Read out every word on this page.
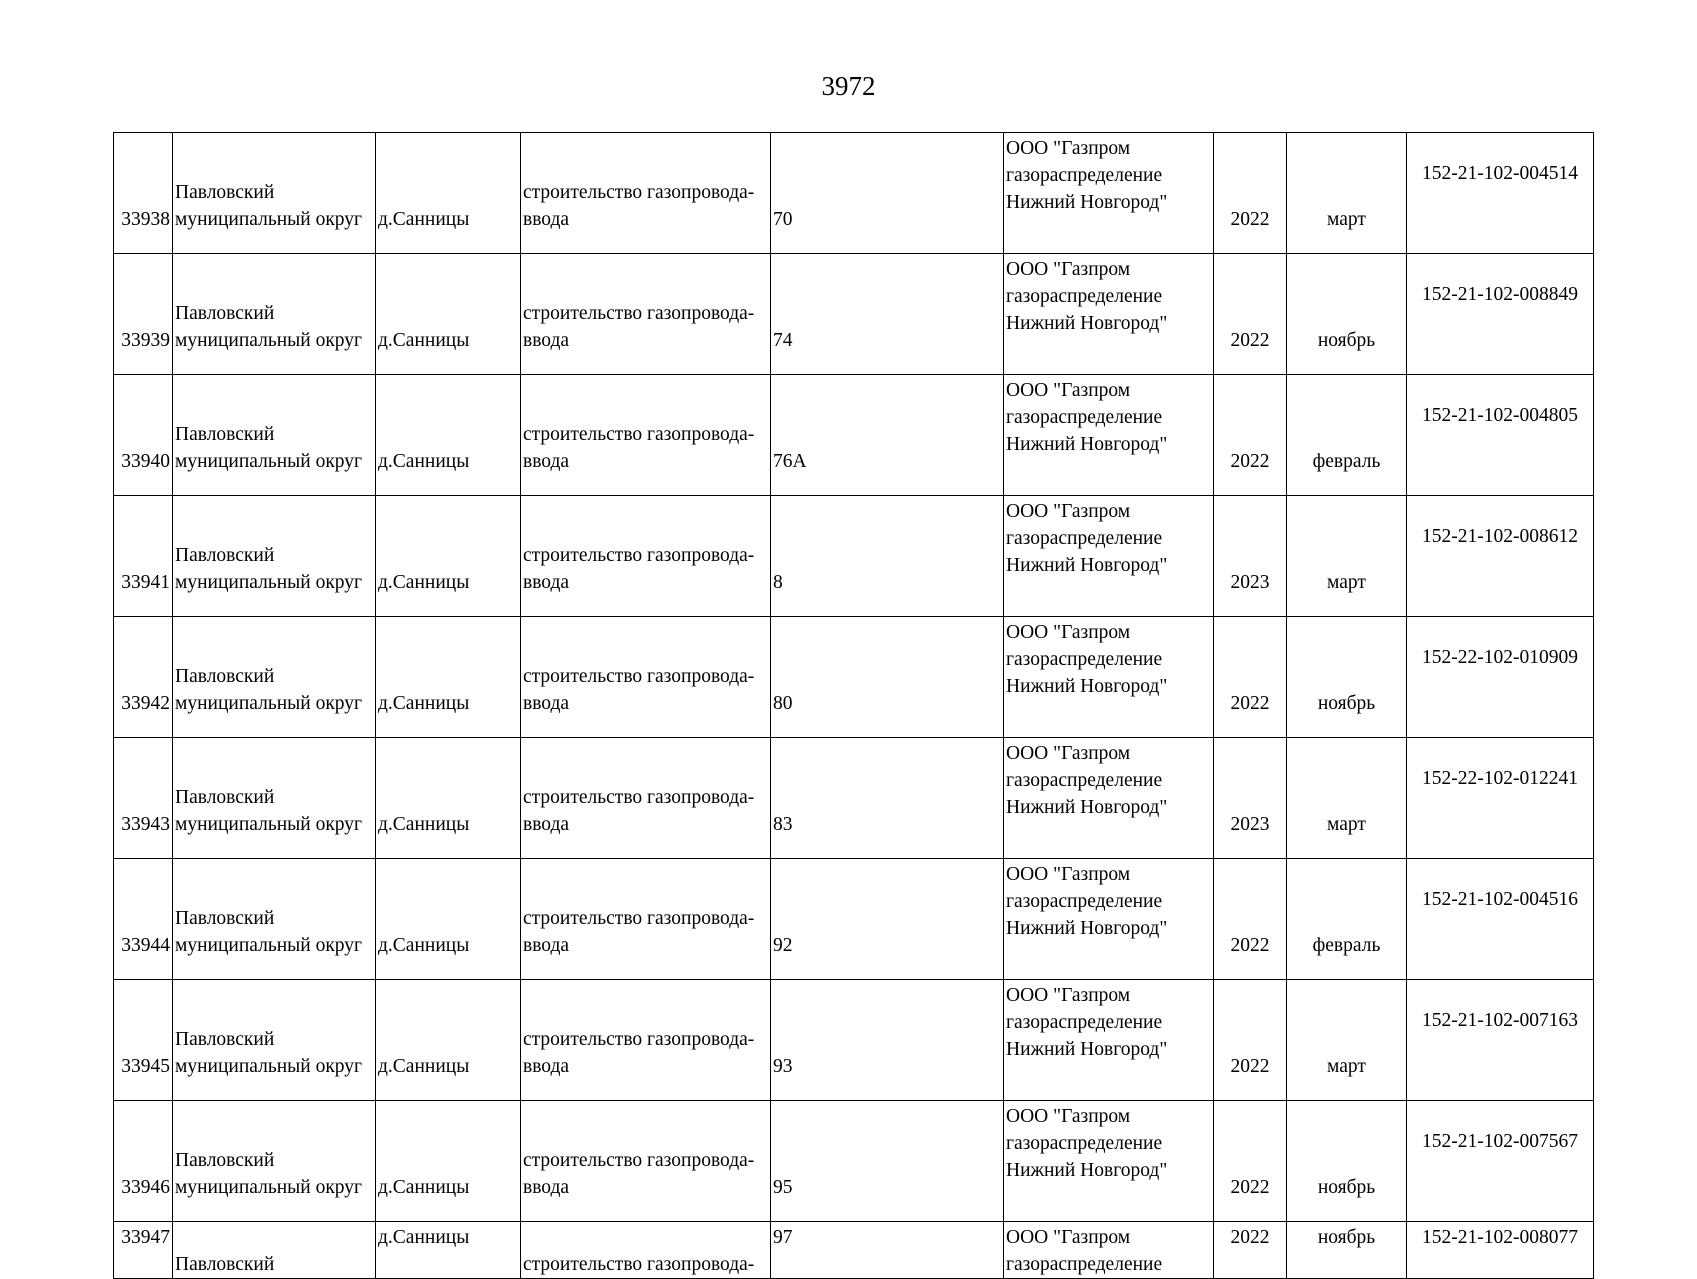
3972
33938	Павловский
муниципальный округ	д.Санницы	строительство газопровода-
ввода	70	ООО "Газпром
газораспределение
Нижний Новгород"	2022	март	152-21-102-004514

33939	Павловский
муниципальный округ	д.Санницы	строительство газопровода-
ввода	74	ООО "Газпром
газораспределение
Нижний Новгород"	2022	ноябрь	152-21-102-008849

33940	Павловский
муниципальный округ	д.Санницы	строительство газопровода-
ввода	76А	ООО "Газпром
газораспределение
Нижний Новгород"	2022	февраль	152-21-102-004805

33941	Павловский
муниципальный округ	д.Санницы	строительство газопровода-
ввода	8	ООО "Газпром
газораспределение
Нижний Новгород"	2023	март	152-21-102-008612

33942	Павловский
муниципальный округ	д.Санницы	строительство газопровода-
ввода	80	ООО "Газпром
газораспределение
Нижний Новгород"	2022	ноябрь	152-22-102-010909

33943	Павловский
муниципальный округ	д.Санницы	строительство газопровода-
ввода	83	ООО "Газпром
газораспределение
Нижний Новгород"	2023	март	152-22-102-012241

33944	Павловский
муниципальный округ	д.Санницы	строительство газопровода-
ввода	92	ООО "Газпром
газораспределение
Нижний Новгород"	2022	февраль	152-21-102-004516

33945	Павловский
муниципальный округ	д.Санницы	строительство газопровода-
ввода	93	ООО "Газпром
газораспределение
Нижний Новгород"	2022	март	152-21-102-007163

33946	Павловский
муниципальный округ	д.Санницы	строительство газопровода-
ввода	95	ООО "Газпром
газораспределение
Нижний Новгород"	2022	ноябрь	152-21-102-007567

33947	Павловский	д.Санницы	строительство газопровода-	97	ООО "Газпром
газораспределение	2022	ноябрь	152-21-102-008077
